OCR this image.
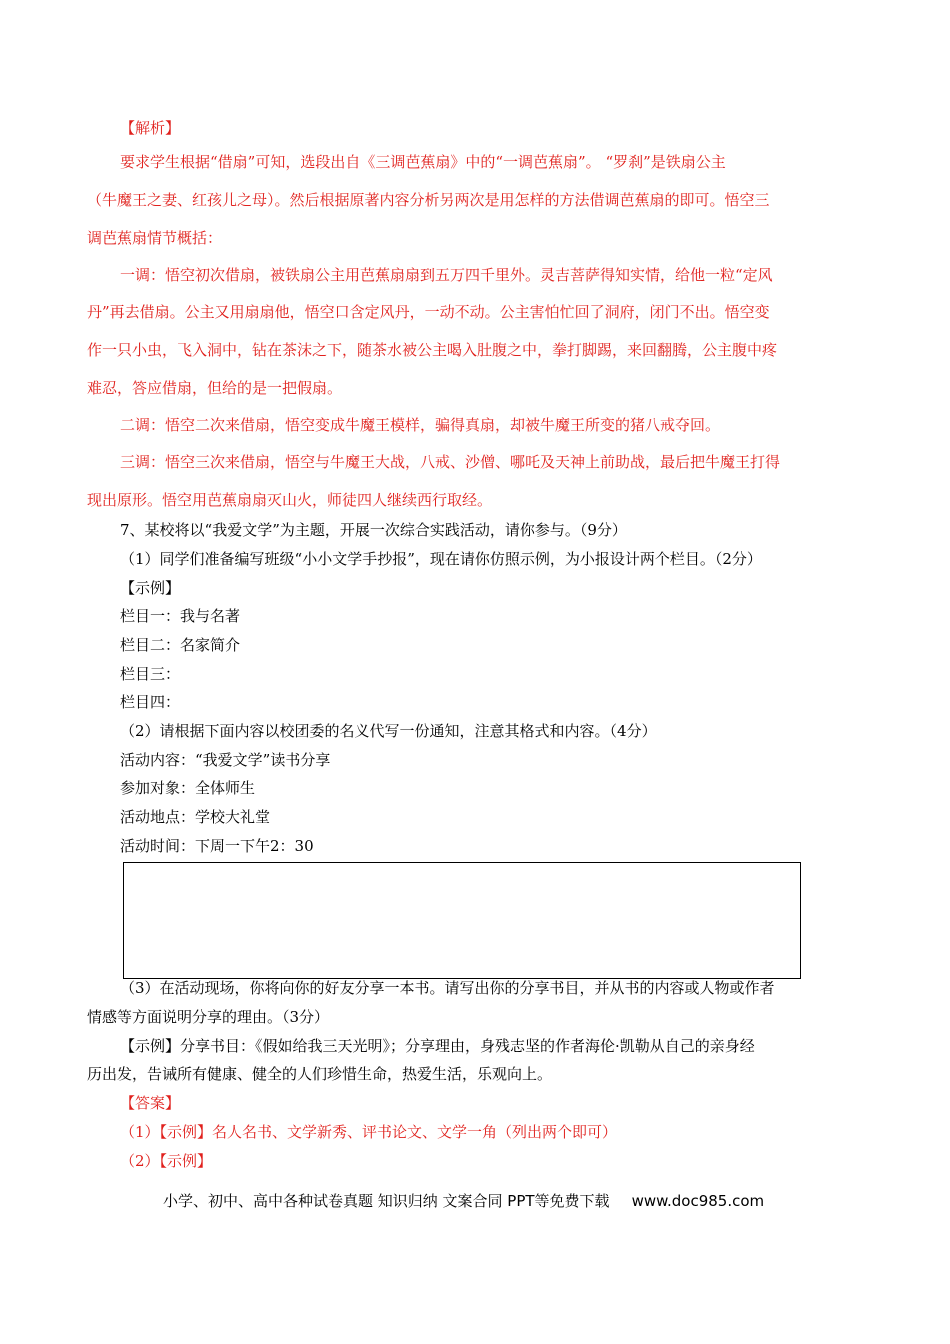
【解析】
要求学生根据“借扇”可知，选段出自《三调芭蕉扇》中的“一调芭蕉扇”。 “罗刹”是铁扇公主
（牛魔王之妻、红孩儿之母）。然后根据原著内容分析另两次是用怎样的方法借调芭蕉扇的即可。悟空三
调芭蕉扇情节概括：
一调：悟空初次借扇，被铁扇公主用芭蕉扇扇到五万四千里外。灵吉菩萨得知实情，给他一粒“定风
丹”再去借扇。公主又用扇扇他，悟空口含定风丹，一动不动。公主害怕忙回了洞府，闭门不出。悟空变
作一只小虫，飞入洞中，钻在茶沫之下，随茶水被公主喝入肚腹之中，拳打脚踢，来回翻腾，公主腹中疼
难忍，答应借扇，但给的是一把假扇。
二调：悟空二次来借扇，悟空变成牛魔王模样，骗得真扇，却被牛魔王所变的猪八戒夺回。
三调：悟空三次来借扇，悟空与牛魔王大战，八戒、沙僧、哪吒及天神上前助战，最后把牛魔王打得
现出原形。悟空用芭蕉扇扇灭山火，师徒四人继续西行取经。
7、某校将以“我爱文学”为主题，开展一次综合实践活动，请你参与。（9分）
（1）同学们准备编写班级“小小文学手抄报”，现在请你仿照示例，为小报设计两个栏目。（2分）
【示例】
栏目一：我与名著
栏目二：名家简介
栏目三：
栏目四：
（2）请根据下面内容以校团委的名义代写一份通知，注意其格式和内容。（4分）
活动内容：“我爱文学”读书分享
参加对象：全体师生
活动地点：学校大礼堂
活动时间：下周一下午2：30
（3）在活动现场，你将向你的好友分享一本书。请写出你的分享书目，并从书的内容或人物或作者
情感等方面说明分享的理由。（3分）
【示例】分享书目：《假如给我三天光明》；分享理由，身残志坚的作者海伦·凯勒从自己的亲身经
历出发，告诫所有健康、健全的人们珍惜生命，热爱生活，乐观向上。
【答案】
（1）【示例】名人名书、文学新秀、评书论文、文学一角（列出两个即可）
（2）【示例】
小学、初中、高中各种试卷真题 知识归纳 文案合同 PPT等免费下载 www.doc985.com
